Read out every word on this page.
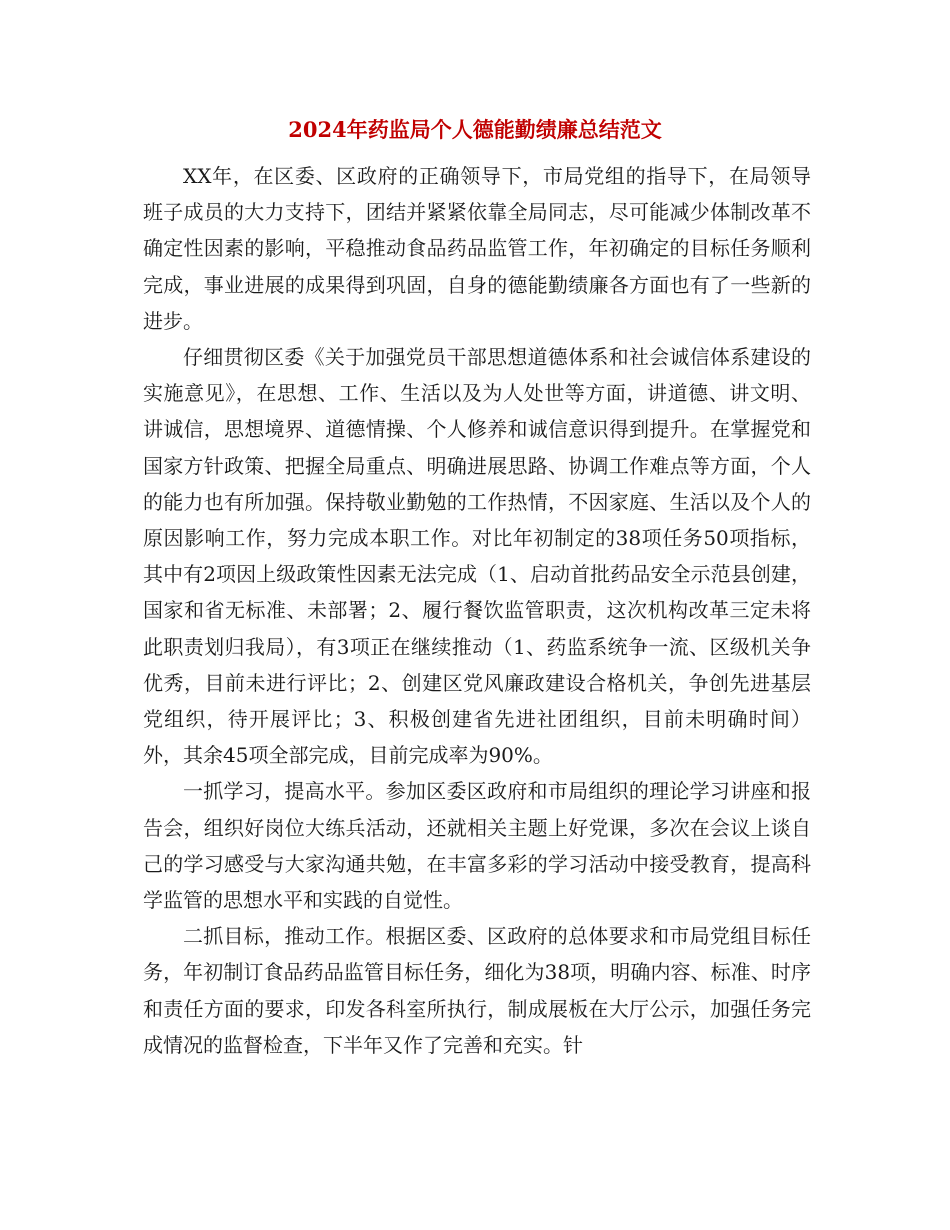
2024年药监局个人德能勤绩廉总结范文

XX年，在区委、区政府的正确领导下，市局党组的指导下，在局领导班子成员的大力支持下，团结并紧紧依靠全局同志，尽可能减少体制改革不确定性因素的影响，平稳推动食品药品监管工作，年初确定的目标任务顺利完成，事业进展的成果得到巩固，自身的德能勤绩廉各方面也有了一些新的进步。

仔细贯彻区委《关于加强党员干部思想道德体系和社会诚信体系建设的实施意见》，在思想、工作、生活以及为人处世等方面，讲道德、讲文明、讲诚信，思想境界、道德情操、个人修养和诚信意识得到提升。在掌握党和国家方针政策、把握全局重点、明确进展思路、协调工作难点等方面，个人的能力也有所加强。保持敬业勤勉的工作热情，不因家庭、生活以及个人的原因影响工作，努力完成本职工作。对比年初制定的38项任务50项指标，其中有2项因上级政策性因素无法完成（1、启动首批药品安全示范县创建，国家和省无标准、未部署；2、履行餐饮监管职责，这次机构改革三定未将此职责划归我局），有3项正在继续推动（1、药监系统争一流、区级机关争优秀，目前未进行评比；2、创建区党风廉政建设合格机关，争创先进基层党组织，待开展评比；3、积极创建省先进社团组织，目前未明确时间）外，其余45项全部完成，目前完成率为90%。

一抓学习，提高水平。参加区委区政府和市局组织的理论学习讲座和报告会，组织好岗位大练兵活动，还就相关主题上好党课，多次在会议上谈自己的学习感受与大家沟通共勉，在丰富多彩的学习活动中接受教育，提高科学监管的思想水平和实践的自觉性。

二抓目标，推动工作。根据区委、区政府的总体要求和市局党组目标任务，年初制订食品药品监管目标任务，细化为38项，明确内容、标准、时序和责任方面的要求，印发各科室所执行，制成展板在大厅公示，加强任务完成情况的监督检查，下半年又作了完善和充实。针
